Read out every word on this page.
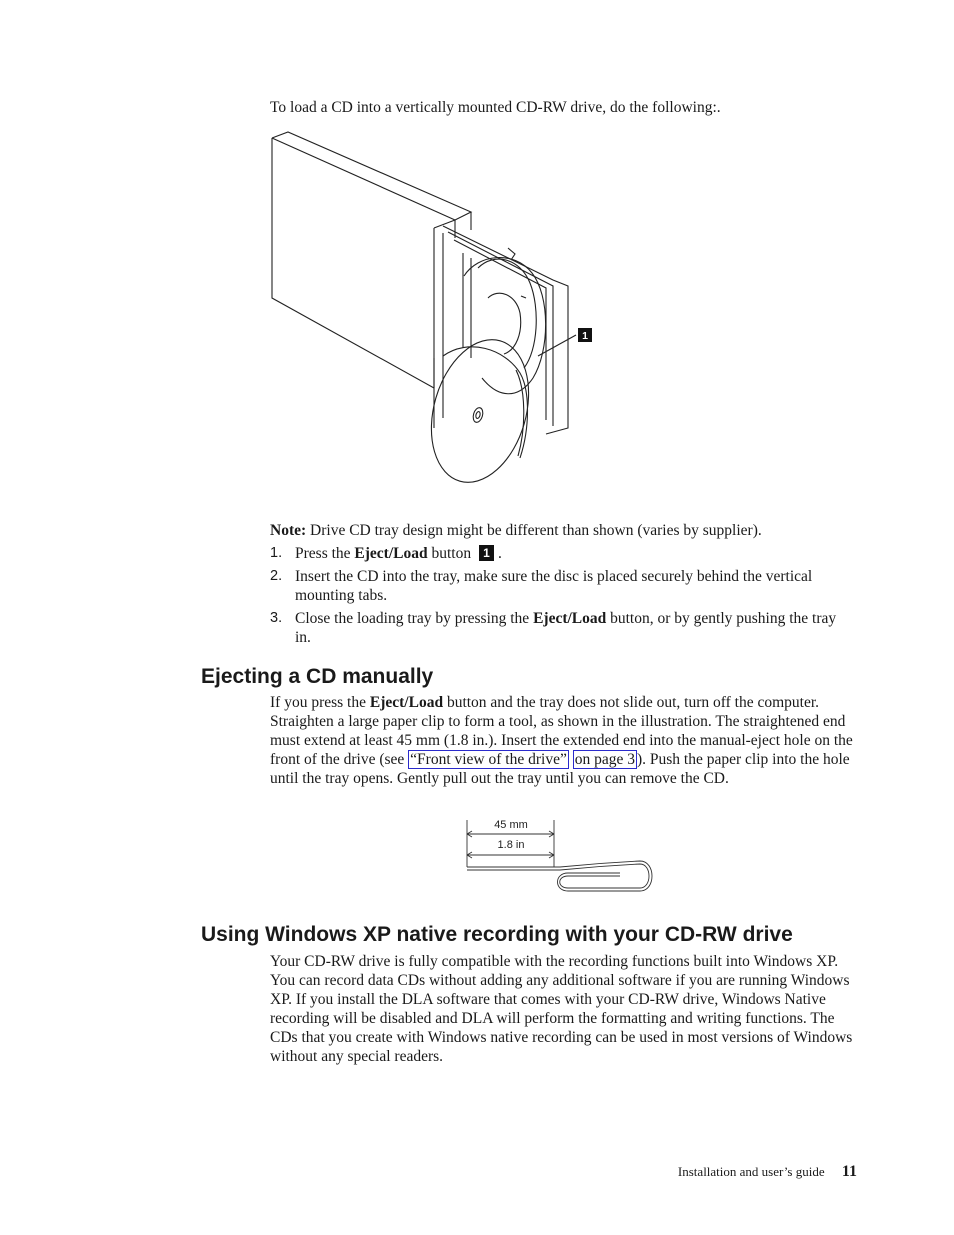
To load a CD into a vertically mounted CD-RW drive, do the following:.
1
Note: Drive CD tray design might be different than shown (varies by supplier).
1. Press the Eject/Load button 1 .
2. Insert the CD into the tray, make sure the disc is placed securely behind the vertical mounting tabs.
3. Close the loading tray by pressing the Eject/Load button, or by gently pushing the tray in.
Ejecting a CD manually
If you press the Eject/Load button and the tray does not slide out, turn off the computer. Straighten a large paper clip to form a tool, as shown in the illustration. The straightened end must extend at least 45 mm (1.8 in.). Insert the extended end into the manual-eject hole on the front of the drive (see “Front view of the drive” on page 3 ). Push the paper clip into the hole until the tray opens. Gently pull out the tray until you can remove the CD.
45 mm
1.8 in
Using Windows XP native recording with your CD-RW drive
Your CD-RW drive is fully compatible with the recording functions built into Windows XP. You can record data CDs without adding any additional software if you are running Windows XP. If you install the DLA software that comes with your CD-RW drive, Windows Native recording will be disabled and DLA will perform the formatting and writing functions. The CDs that you create with Windows native recording can be used in most versions of Windows without any special readers.
Installation and user’s guide 11
